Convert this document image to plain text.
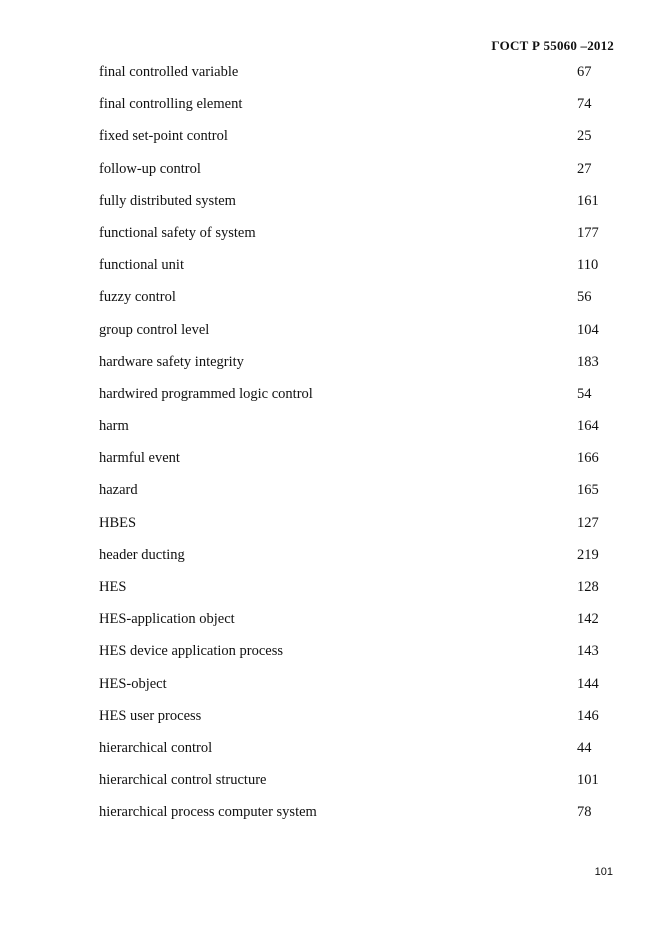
ГОСТ Р 55060 –2012
final controlled variable	67
final controlling element	74
fixed set-point control	25
follow-up control	27
fully distributed system	161
functional safety of system	177
functional unit	110
fuzzy control	56
group control level	104
hardware safety integrity	183
hardwired programmed logic control	54
harm	164
harmful event	166
hazard	165
HBES	127
header ducting	219
HES	128
HES-application object	142
HES device application process	143
HES-object	144
HES user process	146
hierarchical control	44
hierarchical control structure	101
hierarchical process computer system	78
101
